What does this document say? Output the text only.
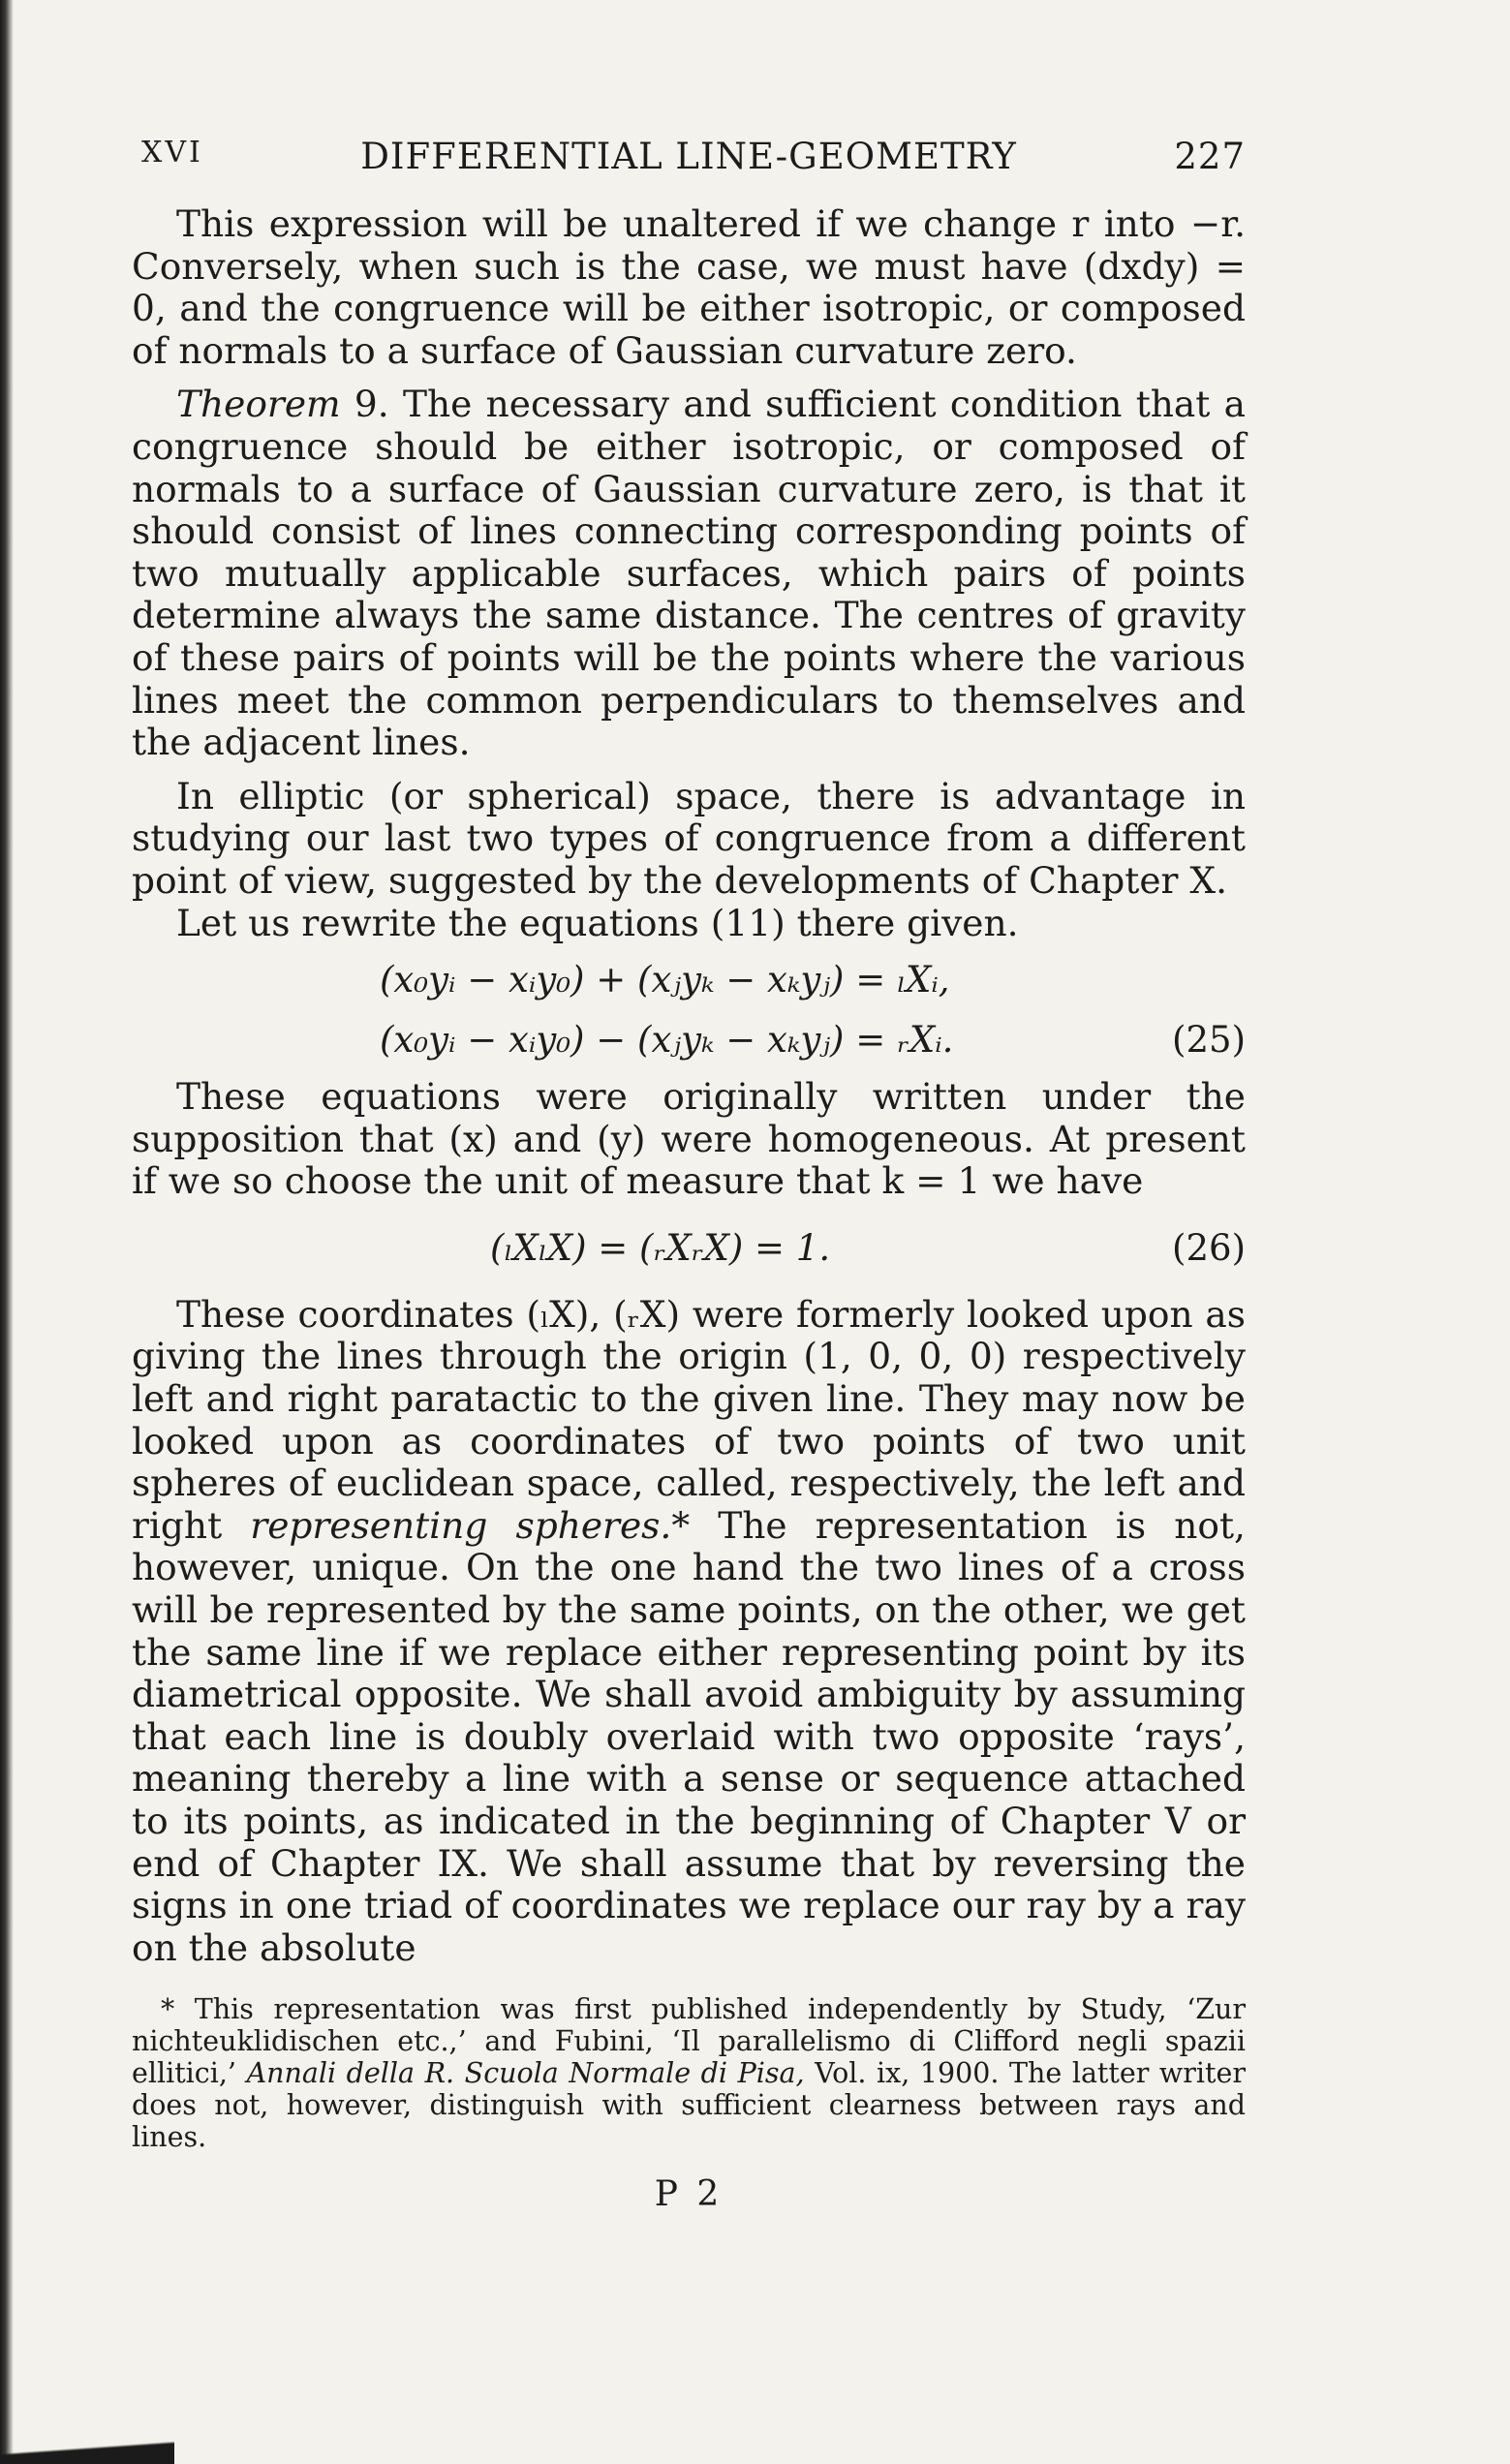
XVI	DIFFERENTIAL LINE-GEOMETRY	227

This expression will be unaltered if we change r into −r. Conversely, when such is the case, we must have (dxdy) = 0, and the congruence will be either isotropic, or composed of normals to a surface of Gaussian curvature zero.

Theorem 9. The necessary and sufficient condition that a congruence should be either isotropic, or composed of normals to a surface of Gaussian curvature zero, is that it should consist of lines connecting corresponding points of two mutually applicable surfaces, which pairs of points determine always the same distance. The centres of gravity of these pairs of points will be the points where the various lines meet the common perpendiculars to themselves and the adjacent lines.

In elliptic (or spherical) space, there is advantage in studying our last two types of congruence from a different point of view, suggested by the developments of Chapter X.

Let us rewrite the equations (11) there given.

(x₀yᵢ − xᵢy₀) + (xⱼyₖ − xₖyⱼ) = ₗXᵢ,
(x₀yᵢ − xᵢy₀) − (xⱼyₖ − xₖyⱼ) = ᵣXᵢ.	(25)

These equations were originally written under the supposition that (x) and (y) were homogeneous. At present if we so choose the unit of measure that k = 1 we have

(ₗXₗX) = (ᵣXᵣX) = 1.	(26)

These coordinates (ₗX), (ᵣX) were formerly looked upon as giving the lines through the origin (1, 0, 0, 0) respectively left and right paratactic to the given line. They may now be looked upon as coordinates of two points of two unit spheres of euclidean space, called, respectively, the left and right representing spheres.* The representation is not, however, unique. On the one hand the two lines of a cross will be represented by the same points, on the other, we get the same line if we replace either representing point by its diametrical opposite. We shall avoid ambiguity by assuming that each line is doubly overlaid with two opposite ‘rays’, meaning thereby a line with a sense or sequence attached to its points, as indicated in the beginning of Chapter V or end of Chapter IX. We shall assume that by reversing the signs in one triad of coordinates we replace our ray by a ray on the absolute

* This representation was first published independently by Study, ‘Zur nichteuklidischen etc.,’ and Fubini, ‘Il parallelismo di Clifford negli spazii ellitici,’ Annali della R. Scuola Normale di Pisa, Vol. ix, 1900. The latter writer does not, however, distinguish with sufficient clearness between rays and lines.
P 2
